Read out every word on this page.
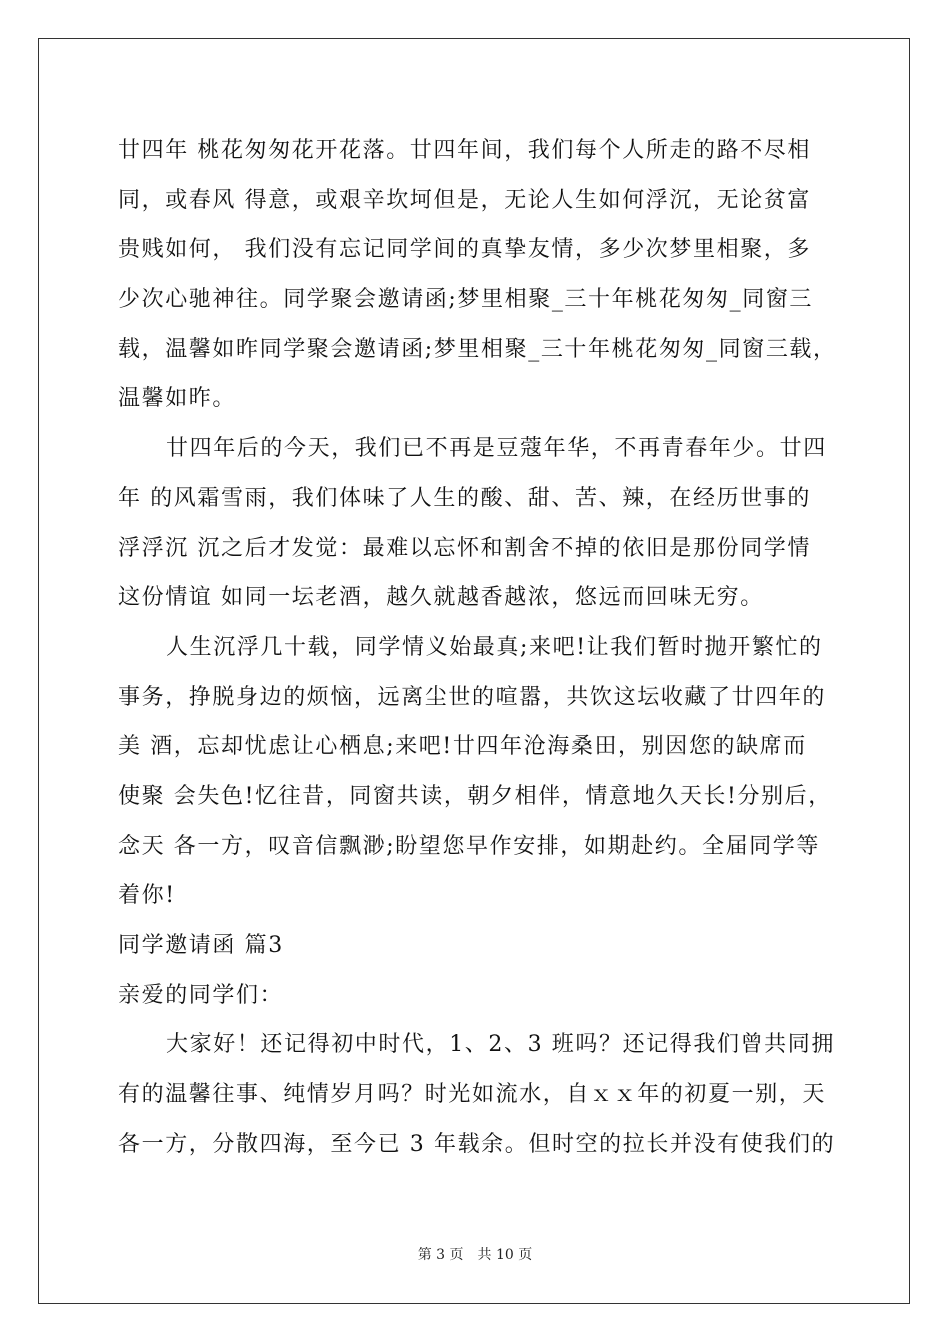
廿四年 桃花匆匆花开花落。廿四年间，我们每个人所走的路不尽相
同，或春风 得意，或艰辛坎坷但是，无论人生如何浮沉，无论贫富
贵贱如何， 我们没有忘记同学间的真挚友情，多少次梦里相聚，多
少次心驰神往。同学聚会邀请函;梦里相聚_三十年桃花匆匆_同窗三
载，温馨如昨同学聚会邀请函;梦里相聚_三十年桃花匆匆_同窗三载，
温馨如昨。
廿四年后的今天，我们已不再是豆蔻年华，不再青春年少。廿四
年 的风霜雪雨，我们体味了人生的酸、甜、苦、辣，在经历世事的
浮浮沉 沉之后才发觉：最难以忘怀和割舍不掉的依旧是那份同学情
这份情谊 如同一坛老酒，越久就越香越浓，悠远而回味无穷。
人生沉浮几十载，同学情义始最真;来吧!让我们暂时抛开繁忙的
事务，挣脱身边的烦恼，远离尘世的喧嚣，共饮这坛收藏了廿四年的
美 酒，忘却忧虑让心栖息;来吧!廿四年沧海桑田，别因您的缺席而
使聚 会失色!忆往昔，同窗共读，朝夕相伴，情意地久天长!分别后，
念天 各一方，叹音信飘渺;盼望您早作安排，如期赴约。全届同学等
着你!
同学邀请函 篇3
亲爱的同学们：
大家好！还记得初中时代，1、2、3 班吗？还记得我们曾共同拥
有的温馨往事、纯情岁月吗？时光如流水，自ｘｘ年的初夏一别，天
各一方，分散四海，至今已 3 年载余。但时空的拉长并没有使我们的
第 3 页　共 10 页
